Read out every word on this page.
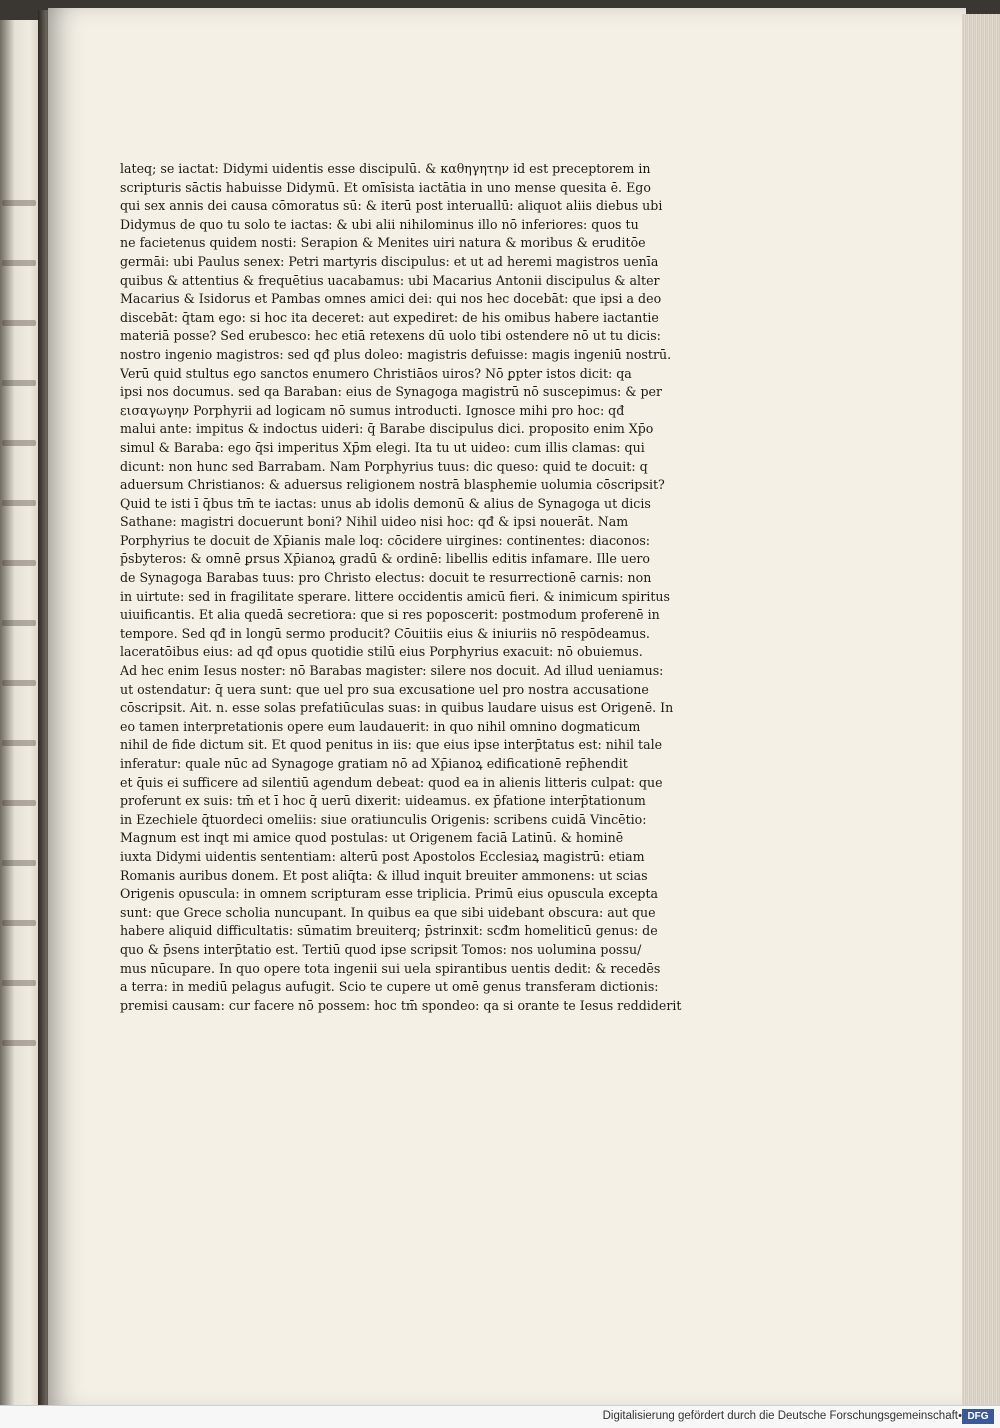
lateq; se iactat: Didymi uidentis esse discipulū. & καθηγητην id est preceptorem in
scripturis sāctis habuisse Didymū. Et omīsista iactātia in uno mense quesita ē. Ego
qui sex annis dei causa cōmoratus sū: & iterū post interuallū: aliquot aliis diebus ubi
Didymus de quo tu solo te iactas: & ubi alii nihilominus illo nō inferiores: quos tu
ne facietenus quidem nosti: Serapion & Menites uiri natura & moribus & eruditōe
germāi: ubi Paulus senex: Petri martyris discipulus: et ut ad heremi magistros uenīa
quibus & attentius & frequētius uacabamus: ubi Macarius Antonii discipulus & alter
Macarius & Isidorus et Pambas omnes amici dei: qui nos hec docebāt: que ipsi a deo
discebāt: q̄tam ego: si hoc ita deceret: aut expediret: de his omibus habere iactantie
materiā posse? Sed erubesco: hec etiā retexens dū uolo tibi ostendere nō ut tu dicis:
nostro ingenio magistros: sed qđ plus doleo: magistris defuisse: magis ingeniū nostrū.
Verū quid stultus ego sanctos enumero Christiāos uiros? Nō ꝑpter istos dicit: qa
ipsi nos documus. sed qa Baraban: eius de Synagoga magistrū nō suscepimus: & per
εισαγωγην Porphyrii ad logicam nō sumus introducti. Ignosce mihi pro hoc: qđ
malui ante: impitus & indoctus uideri: q̄ Barabe discipulus dici. proposito enim Xp̄o
simul & Baraba: ego q̄si imperitus Xp̄m elegi. Ita tu ut uideo: cum illis clamas: qui
dicunt: non hunc sed Barrabam. Nam Porphyrius tuus: dic queso: quid te docuit: q
aduersum Christianos: & aduersus religionem nostrā blasphemie uolumia cōscripsit?
Quid te isti ī q̄bus tm̄ te iactas: unus ab idolis demonū & alius de Synagoga ut dicis
Sathane: magistri docuerunt boni? Nihil uideo nisi hoc: qđ & ipsi nouerāt. Nam
Porphyrius te docuit de Xp̄ianis male loq: cōcidere uirgines: continentes: diaconos:
p̄sbyteros: & omnē ꝑrsus Xp̄ianoꝝ gradū & ordinē: libellis editis infamare. Ille uero
de Synagoga Barabas tuus: pro Christo electus: docuit te resurrectionē carnis: non
in uirtute: sed in fragilitate sperare. littere occidentis amicū fieri. & inimicum spiritus
uiuificantis. Et alia quedā secretiora: que si res poposcerit: postmodum proferenē in
tempore. Sed qđ in longū sermo producit? Cōuitiis eius & iniuriis nō respōdeamus.
laceratōibus eius: ad qđ opus quotidie stilū eius Porphyrius exacuit: nō obuiemus.
Ad hec enim Iesus noster: nō Barabas magister: silere nos docuit. Ad illud ueniamus:
ut ostendatur: q̄ uera sunt: que uel pro sua excusatione uel pro nostra accusatione
cōscripsit. Ait. n. esse solas prefatiūculas suas: in quibus laudare uisus est Origenē. In
eo tamen interpretationis opere eum laudauerit: in quo nihil omnino dogmaticum
nihil de fide dictum sit. Et quod penitus in iis: que eius ipse interp̄tatus est: nihil tale
inferatur: quale nūc ad Synagoge gratiam nō ad Xp̄ianoꝝ edificationē rep̄hendit
et q̄uis ei sufficere ad silentiū agendum debeat: quod ea in alienis litteris culpat: que
proferunt ex suis: tm̄ et ī hoc q̄ uerū dixerit: uideamus. ex p̄fatione interp̄tationum
in Ezechiele q̄tuordeci omeliis: siue oratiunculis Origenis: scribens cuidā Vincētio:
Magnum est inqt mi amice quod postulas: ut Origenem faciā Latinū. & hominē
iuxta Didymi uidentis sententiam: alterū post Apostolos Ecclesiaꝝ magistrū: etiam
Romanis auribus donem. Et post aliq̄ta: & illud inquit breuiter ammonens: ut scias
Origenis opuscula: in omnem scripturam esse triplicia. Primū eius opuscula excepta
sunt: que Grece scholia nuncupant. In quibus ea que sibi uidebant obscura: aut que
habere aliquid difficultatis: sūmatim breuiterq; p̄strinxit: scđm homeliticū genus: de
quo & p̄sens interp̄tatio est. Tertiū quod ipse scripsit Tomos: nos uolumina possu/
mus nūcupare. In quo opere tota ingenii sui uela spirantibus uentis dedit: & recedēs
a terra: in mediū pelagus aufugit. Scio te cupere ut omē genus transferam dictionis:
premisi causam: cur facere nō possem: hoc tm̄ spondeo: qa si orante te Iesus reddiderit
Digitalisierung gefördert durch die Deutsche Forschungsgemeinschaft • DFG
